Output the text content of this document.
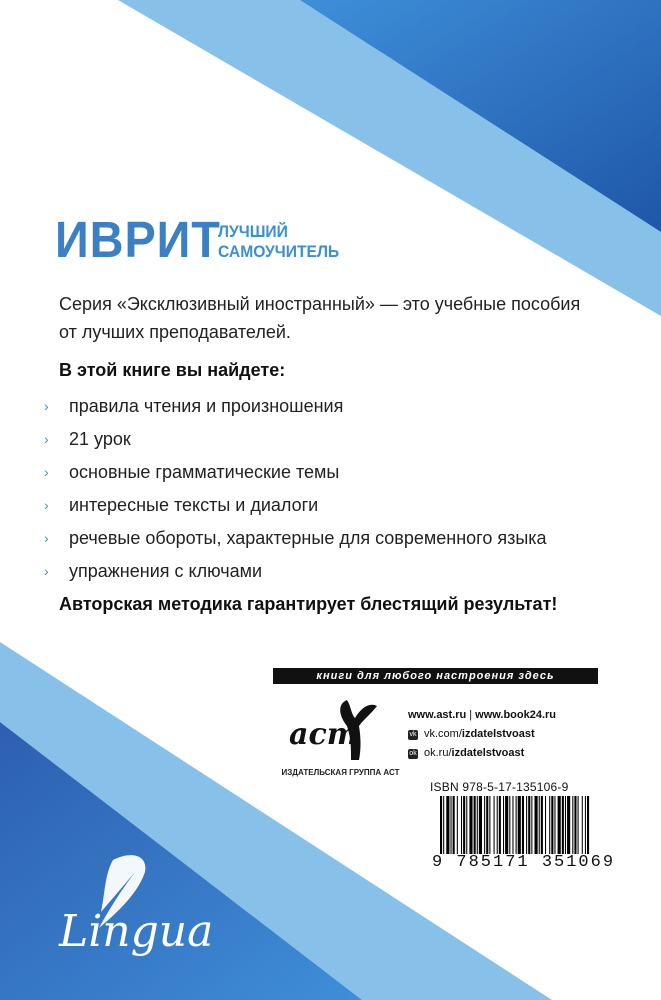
ИВРИТ
ЛУЧШИЙ
САМОУЧИТЕЛЬ
Серия «Эксклюзивный иностранный» — это учебные пособия
от лучших преподавателей.
В этой книге вы найдете:
› правила чтения и произношения
› 21 урок
› основные грамматические темы
› интересные тексты и диалоги
› речевые обороты, характерные для современного языка
› упражнения с ключами
Авторская методика гарантирует блестящий результат!
книги для любого настроения здесь
аст
ИЗДАТЕЛЬСКАЯ ГРУППА АСТ
www.ast.ru | www.book24.ru
vk vk.com/ izdatelstvoast
ok ok.ru/ izdatelstvoast
ISBN 978-5-17-135106-9
9 785171 351069
Lingua
